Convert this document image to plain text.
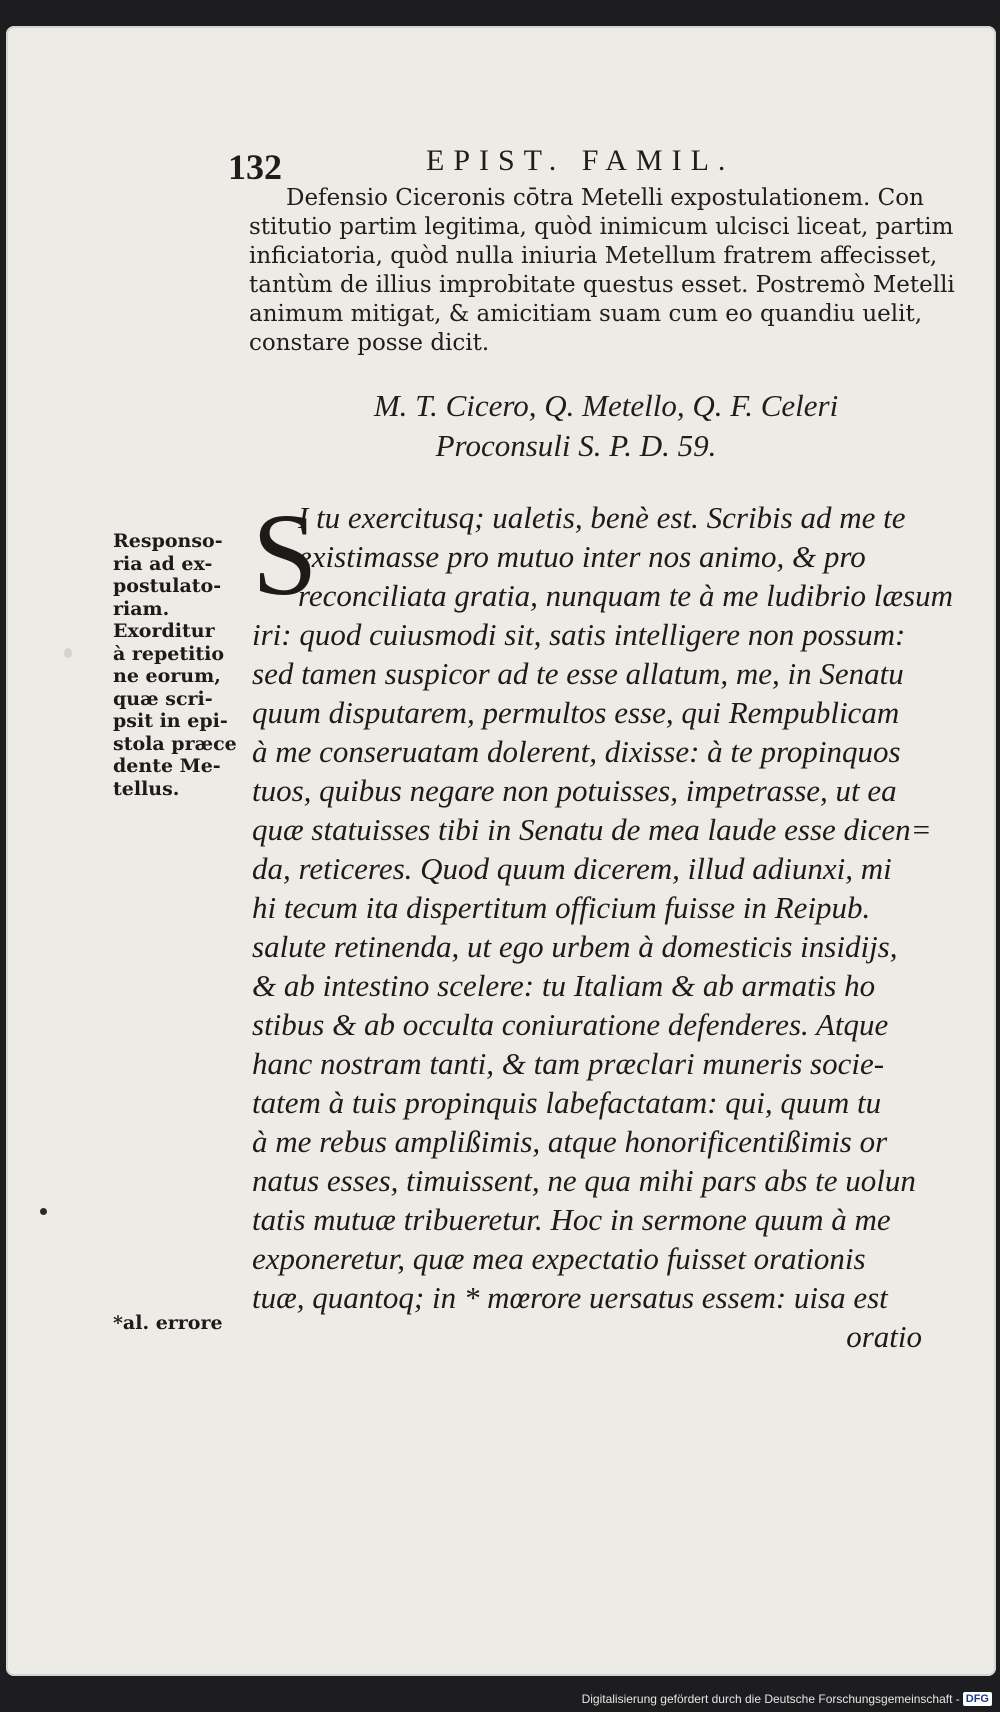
132	EPIST. FAMIL.
Defensio Ciceronis cōtra Metelli expostulationem. Con
stitutio partim legitima, quòd inimicum ulcisci liceat, partim
inficiatoria, quòd nulla iniuria Metellum fratrem affecisset,
tantùm de illius improbitate questus esset. Postremò Metelli
animum mitigat, & amicitiam suam cum eo quandiu uelit,
constare posse dicit.
M. T. Cicero, Q. Metello, Q. F. Celeri
Proconsuli S. P. D. 59.
Responso-
ria ad ex-
postulato-
riam.
Exorditur
à repetitio
ne eorum,
quæ scri-
psit in epi-
stola præce
dente Me-
tellus.
*al. errore
S
I tu exercitusq; ualetis, benè est. Scribis ad me te
existimasse pro mutuo inter nos animo, & pro
reconciliata gratia, nunquam te à me ludibrio læsum
iri: quod cuiusmodi sit, satis intelligere non possum:
sed tamen suspicor ad te esse allatum, me, in Senatu
quum disputarem, permultos esse, qui Rempublicam
à me conseruatam dolerent, dixisse: à te propinquos
tuos, quibus negare non potuisses, impetrasse, ut ea
quæ statuisses tibi in Senatu de mea laude esse dicen=
da, reticeres. Quod quum dicerem, illud adiunxi, mi
hi tecum ita dispertitum officium fuisse in Reipub.
salute retinenda, ut ego urbem à domesticis insidijs,
& ab intestino scelere: tu Italiam & ab armatis ho
stibus & ab occulta coniuratione defenderes. Atque
hanc nostram tanti, & tam præclari muneris socie-
tatem à tuis propinquis labefactatam: qui, quum tu
à me rebus amplißimis, atque honorificentißimis or
natus esses, timuissent, ne qua mihi pars abs te uolun
tatis mutuæ tribueretur. Hoc in sermone quum à me
exponeretur, quæ mea expectatio fuisset orationis
tuæ, quantoq; in * mœrore uersatus essem: uisa est
oratio
Digitalisierung gefördert durch die Deutsche Forschungsgemeinschaft - DFG
